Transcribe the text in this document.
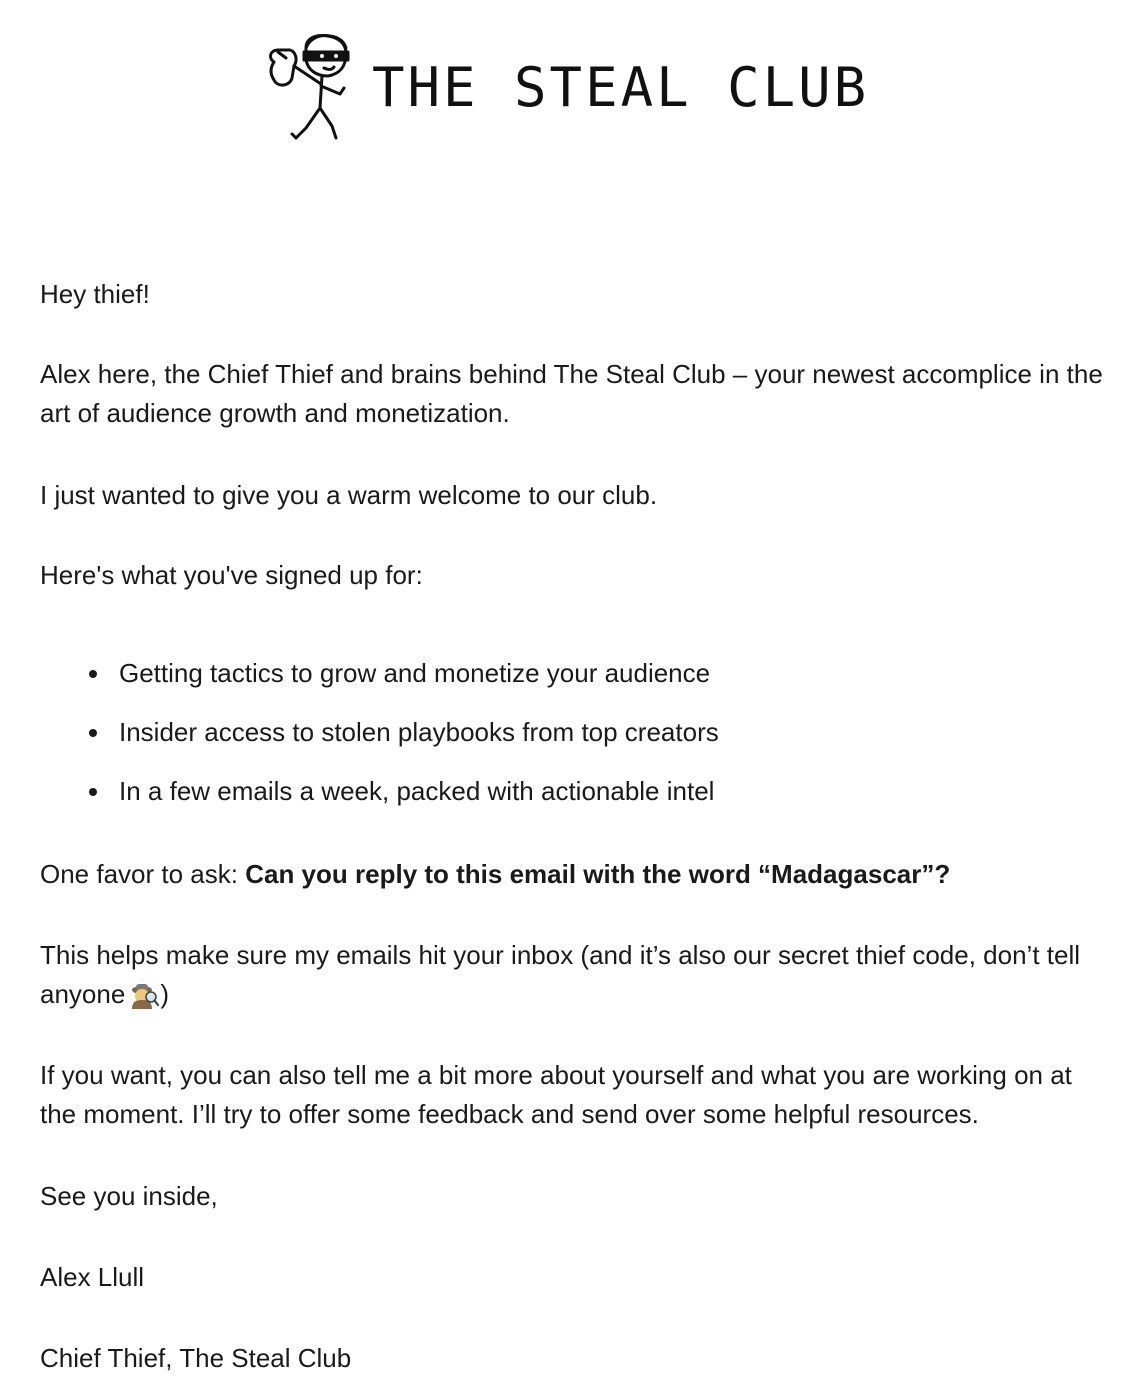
THE STEAL CLUB

Hey thief!

Alex here, the Chief Thief and brains behind The Steal Club – your newest accomplice in the art of audience growth and monetization.

I just wanted to give you a warm welcome to our club.

Here's what you've signed up for:

Getting tactics to grow and monetize your audience
Insider access to stolen playbooks from top creators
In a few emails a week, packed with actionable intel

One favor to ask: Can you reply to this email with the word “Madagascar”?

This helps make sure my emails hit your inbox (and it’s also our secret thief code, don’t tell anyone )

If you want, you can also tell me a bit more about yourself and what you are working on at the moment. I’ll try to offer some feedback and send over some helpful resources.

See you inside,

Alex Llull

Chief Thief, The Steal Club
